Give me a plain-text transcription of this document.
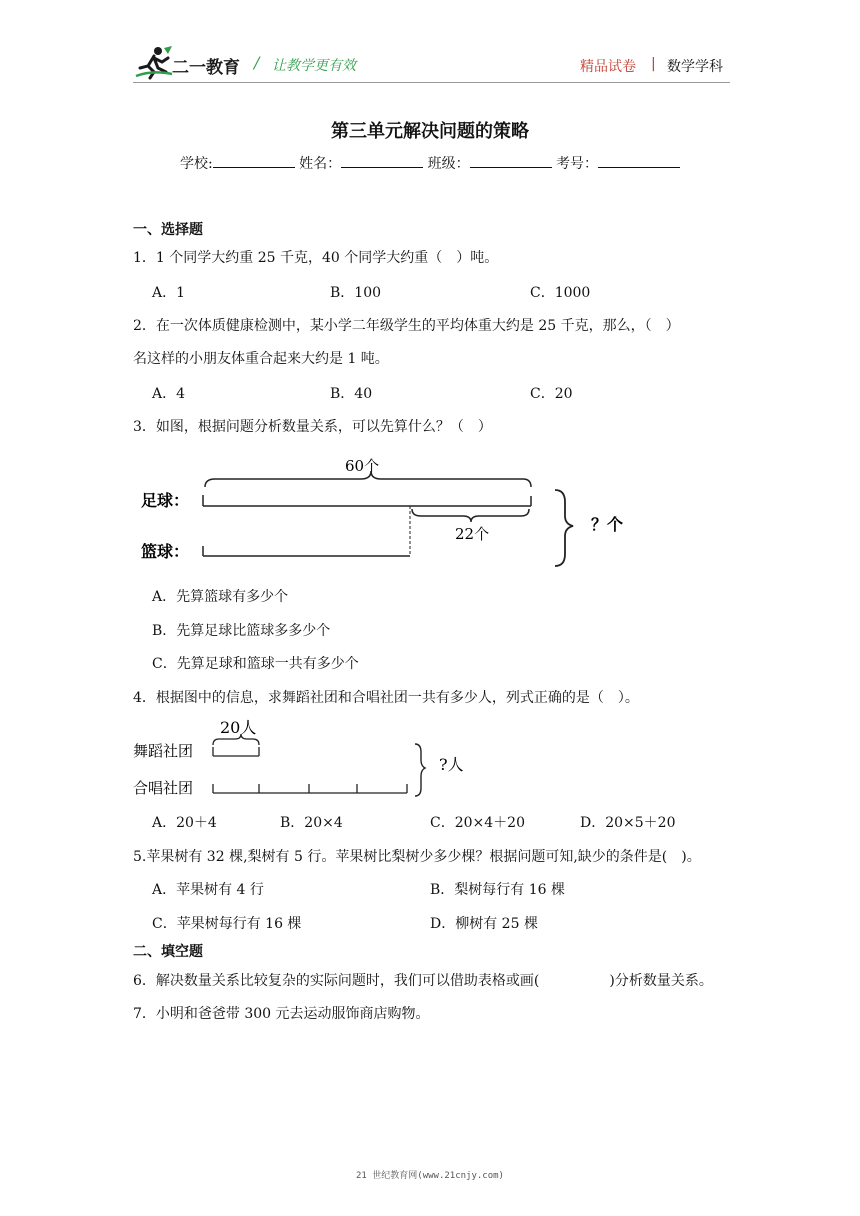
二一教育 / 让教学更有效	精品试卷 | 数学学科
第三单元解决问题的策略
学校:	姓名：	班级：	考号：
一、选择题
1．1 个同学大约重 25 千克，40 个同学大约重（　）吨。
A．1	B．100	C．1000
2．在一次体质健康检测中，某小学二年级学生的平均体重大约是 25 千克，那么，（　）
名这样的小朋友体重合起来大约是 1 吨。
A．4	B．40	C．20
3．如图，根据问题分析数量关系，可以先算什么？（　）
60个
足球：
22个
篮球：
？个
A．先算篮球有多少个
B．先算足球比篮球多多少个
C．先算足球和篮球一共有多少个
4．根据图中的信息，求舞蹈社团和合唱社团一共有多少人，列式正确的是（　）。
20人
舞蹈社团
合唱社团
?人
A．20＋4	B．20×4	C．20×4＋20	D．20×5＋20
5.苹果树有 32 棵,梨树有 5 行。苹果树比梨树少多少棵？根据问题可知,缺少的条件是(　)。
A．苹果树有 4 行	B．梨树每行有 16 棵
C．苹果树每行有 16 棵	D．柳树有 25 棵
二、填空题
6．解决数量关系比较复杂的实际问题时，我们可以借助表格或画(	)分析数量关系。
7．小明和爸爸带 300 元去运动服饰商店购物。
21 世纪教育网(www.21cnjy.com)
